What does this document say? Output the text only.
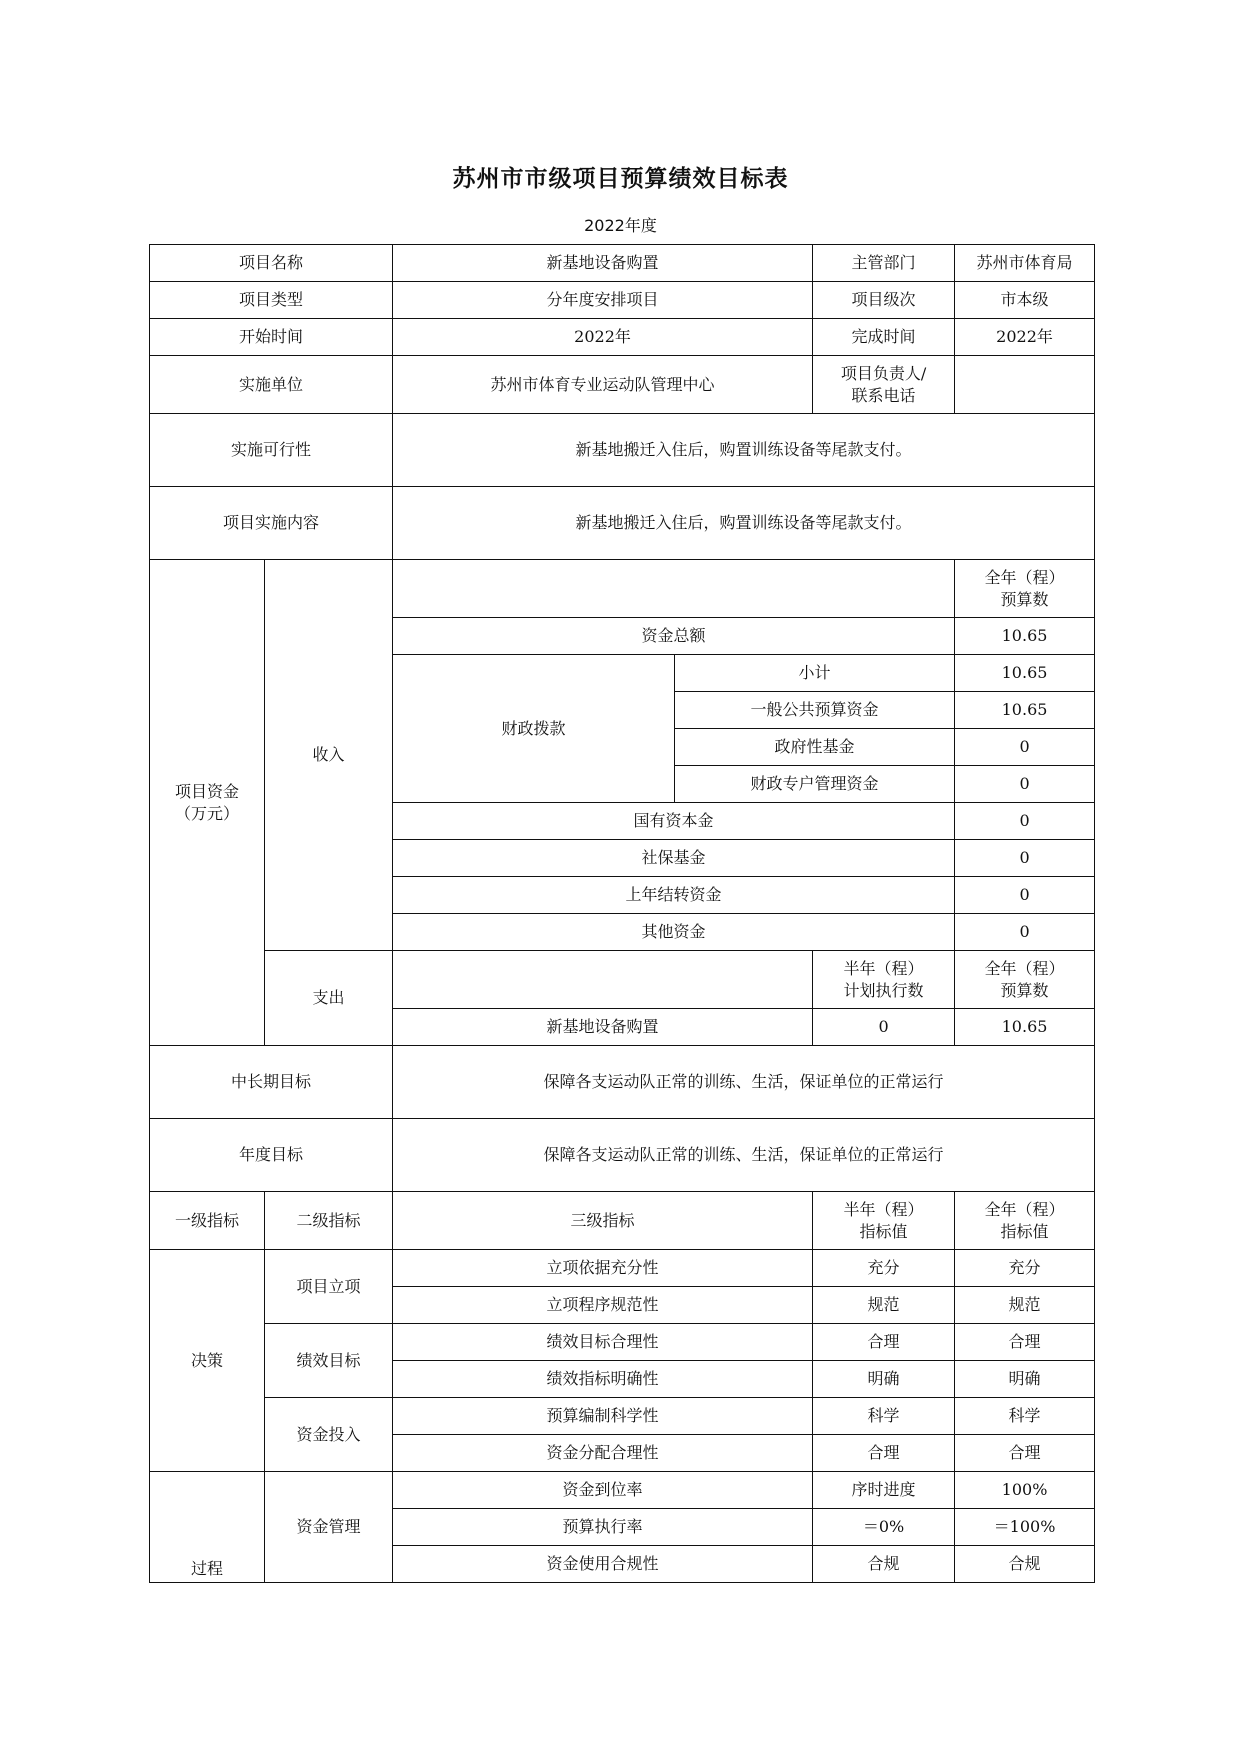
苏州市市级项目预算绩效目标表
2022年度
项目名称		新基地设备购置		主管部门	苏州市体育局
项目类型		分年度安排项目		项目级次	市本级
开始时间		2022年		完成时间	2022年
实施单位		苏州市体育专业运动队管理中心		项目负责人/
联系电话	
实施可行性		新基地搬迁入住后，购置训练设备等尾款支付。			
项目实施内容		新基地搬迁入住后，购置训练设备等尾款支付。			
项目资金
（万元）	收入				全年（程）
预算数
		资金总额			10.65
		财政拨款	小计		10.65
			一般公共预算资金		10.65
			政府性基金		0
			财政专户管理资金		0
		国有资本金			0
		社保基金			0
		上年结转资金			0
		其他资金			0
	支出			半年（程）
计划执行数	全年（程）
预算数
		新基地设备购置		0	10.65
中长期目标		保障各支运动队正常的训练、生活，保证单位的正常运行			
年度目标		保障各支运动队正常的训练、生活，保证单位的正常运行			
一级指标	二级指标	三级指标		半年（程）
指标值	全年（程）
指标值
决策	项目立项	立项依据充分性		充分	充分
		立项程序规范性		规范	规范
	绩效目标	绩效目标合理性		合理	合理
		绩效指标明确性		明确	明确
	资金投入	预算编制科学性		科学	科学
		资金分配合理性		合理	合理
过程	资金管理	资金到位率		序时进度	100%
		预算执行率		＝0%	＝100%
		资金使用合规性		合规	合规
